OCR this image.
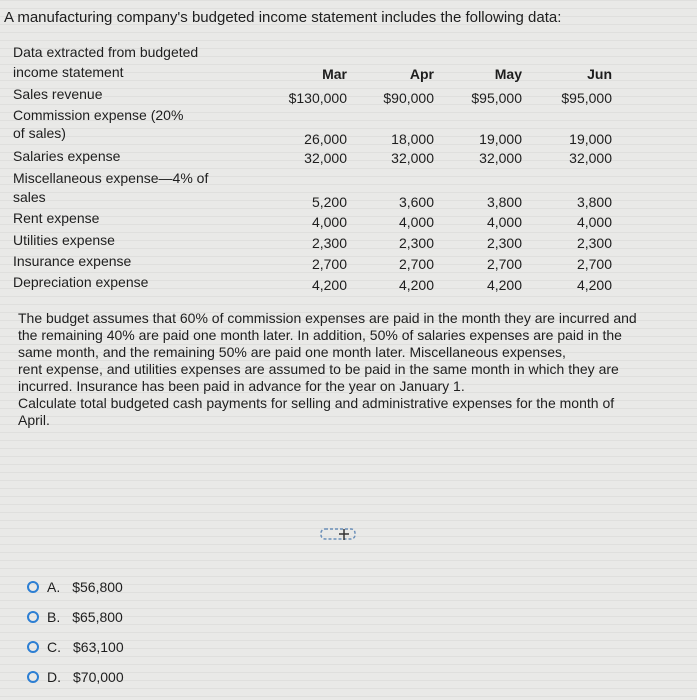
A manufacturing company's budgeted income statement includes the following data:
Data extracted from budgeted
income statement	Mar	Apr	May	Jun
Sales revenue	$130,000	$90,000	$95,000	$95,000
Commission expense (20%
of sales)	26,000	18,000	19,000	19,000
Salaries expense	32,000	32,000	32,000	32,000
Miscellaneous expense—4% of
sales	5,200	3,600	3,800	3,800
Rent expense	4,000	4,000	4,000	4,000
Utilities expense	2,300	2,300	2,300	2,300
Insurance expense	2,700	2,700	2,700	2,700
Depreciation expense	4,200	4,200	4,200	4,200

The budget assumes that 60% of commission expenses are paid in the month they are incurred and

the remaining 40% are paid one month later. In addition, 50% of salaries expenses are paid in the

same month, and the remaining 50% are paid one month later. Miscellaneous expenses,

rent expense, and utilities expenses are assumed to be paid in the same month in which they are

incurred. Insurance has been paid in advance for the year on January 1.

Calculate total budgeted cash payments for selling and administrative expenses for the month of

April.

A. $56,800
B. $65,800
C. $63,100
D. $70,000
